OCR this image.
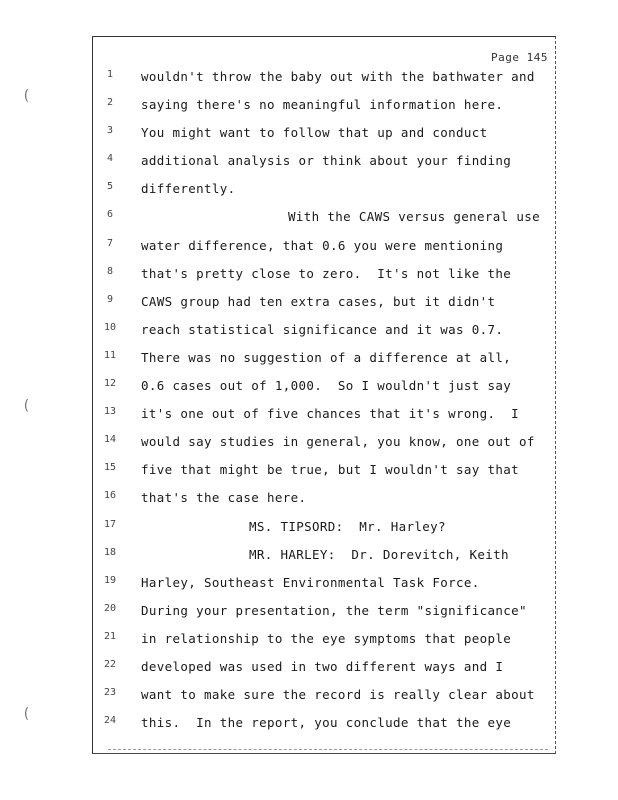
Page 145
(
(
(
1
2
3
4
5
6
7
8
9
10
11
12
13
14
15
16
17
18
19
20
21
22
23
24
wouldn't throw the baby out with the bathwater and
saying there's no meaningful information here.
You might want to follow that up and conduct
additional analysis or think about your finding
differently.
With the CAWS versus general use
water difference, that 0.6 you were mentioning
that's pretty close to zero.  It's not like the
CAWS group had ten extra cases, but it didn't
reach statistical significance and it was 0.7.
There was no suggestion of a difference at all,
0.6 cases out of 1,000.  So I wouldn't just say
it's one out of five chances that it's wrong.  I
would say studies in general, you know, one out of
five that might be true, but I wouldn't say that
that's the case here.
MS. TIPSORD:  Mr. Harley?
MR. HARLEY:  Dr. Dorevitch, Keith
Harley, Southeast Environmental Task Force.
During your presentation, the term "significance"
in relationship to the eye symptoms that people
developed was used in two different ways and I
want to make sure the record is really clear about
this.  In the report, you conclude that the eye
